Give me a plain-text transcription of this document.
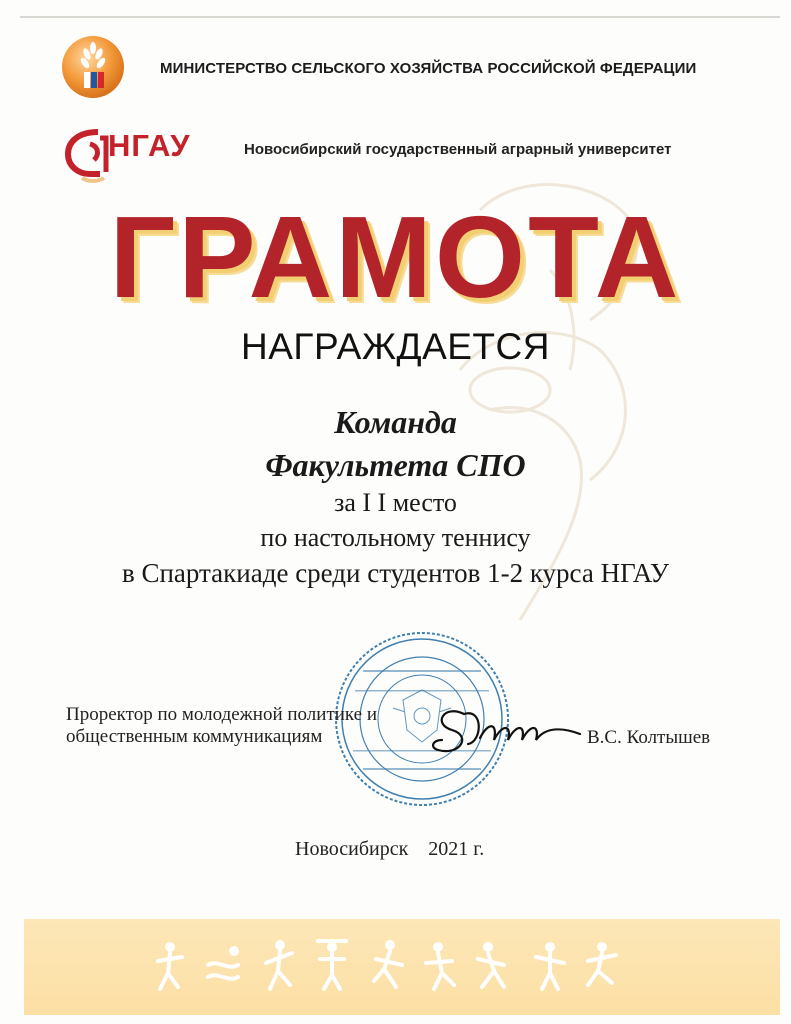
МИНИСТЕРСТВО СЕЛЬСКОГО ХОЗЯЙСТВА РОССИЙСКОЙ ФЕДЕРАЦИИ
НГАУ	Новосибирский государственный аграрный университет
ГРАМОТА
НАГРАЖДАЕТСЯ
Команда
Факультета СПО
за I I место
по настольному теннису
в Спартакиаде среди студентов 1-2 курса НГАУ
Проректор по молодежной политике и
общественным коммуникациям	В.С. Колтышев
Новосибирск    2021 г.
